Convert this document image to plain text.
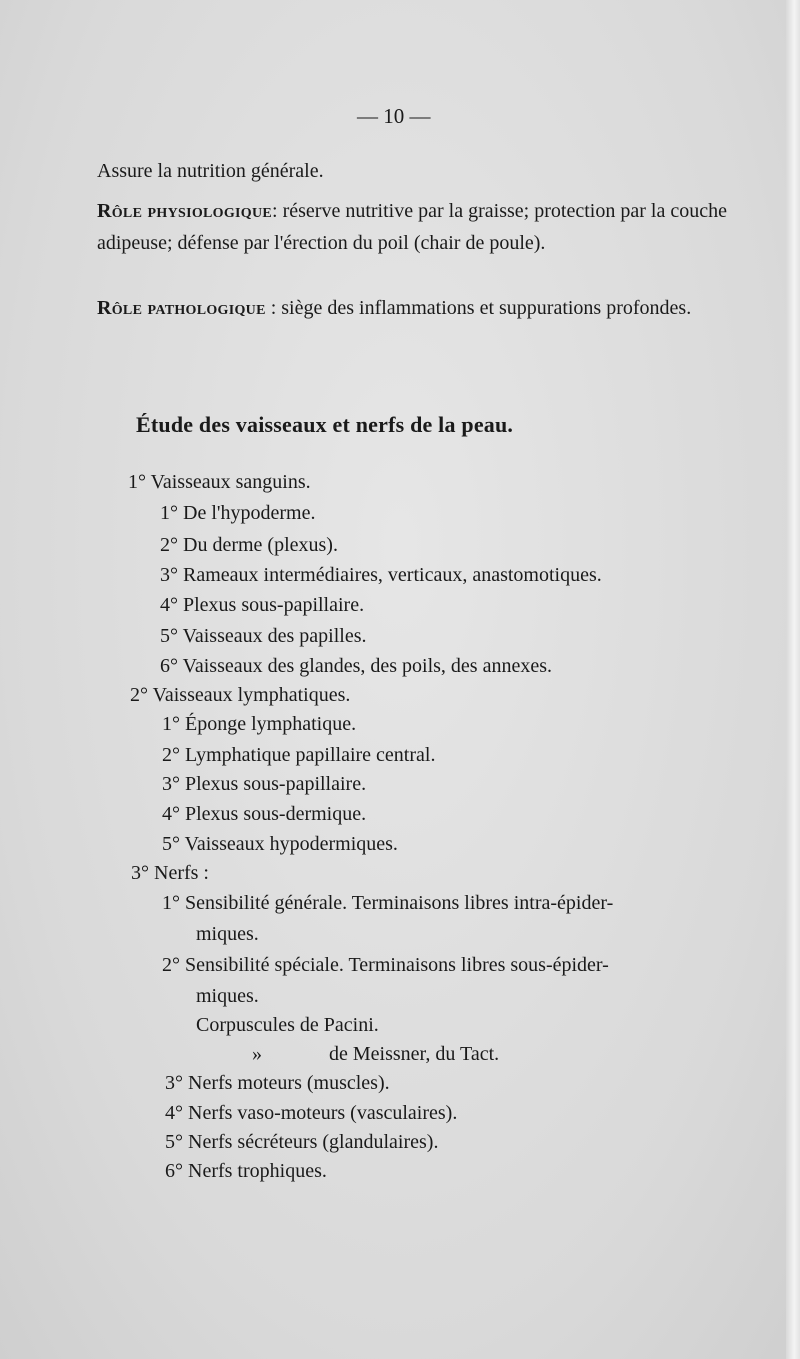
— 10 —
Assure la nutrition générale.
Rôle physiologique: réserve nutritive par la graisse; protection par la couche adipeuse; défense par l'érection du poil (chair de poule).
Rôle pathologique : siège des inflammations et suppurations profondes.
Étude des vaisseaux et nerfs de la peau.
1° Vaisseaux sanguins.
1° De l'hypoderme.
2° Du derme (plexus).
3° Rameaux intermédiaires, verticaux, anastomotiques.
4° Plexus sous-papillaire.
5° Vaisseaux des papilles.
6° Vaisseaux des glandes, des poils, des annexes.
2° Vaisseaux lymphatiques.
1° Éponge lymphatique.
2° Lymphatique papillaire central.
3° Plexus sous-papillaire.
4° Plexus sous-dermique.
5° Vaisseaux hypodermiques.
3° Nerfs :
1° Sensibilité générale. Terminaisons libres intra-épider-
miques.
2° Sensibilité spéciale. Terminaisons libres sous-épider-
miques.
Corpuscules de Pacini.
»	de Meissner, du Tact.
3° Nerfs moteurs (muscles).
4° Nerfs vaso-moteurs (vasculaires).
5° Nerfs sécréteurs (glandulaires).
6° Nerfs trophiques.
